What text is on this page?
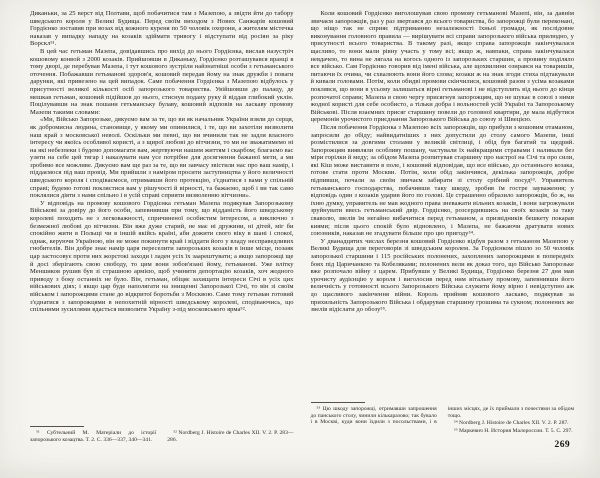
Диканьки, за 25 верст від Полтави, щоб побачитися там з Мазепою, а звідти йти до табору шведського короля у Великі Будища. Перед своїм виходом з Нових Санжарів кошовий Гордієнко зоставив при возах від кожного куреня по 50 чоловік охорони, а жителям містечка наказав у випадку нападу на козаків здіймати тривогу і відступати від росіян за ріку Ворскл⁵¹.

В цей час гетьман Мазепа, довідавшись про вихід до нього Гордієнка, вислав назустріч кошовому конвой з 2000 козаків. Прийшовши в Диканьку, Гордієнко розташувався вранці в тому дворі, де перебував Мазепа, і тут кошового зустріли найзнатніші особи з гетьманського оточення. Побажавши гетьманові здоров'я, кошовий передав йому на знак дружби і поваги дарунки, які привезено на цей випадок. Саме побачення Гордієнка з Мазепою відбулось у присутності великої кількості осіб запорозького товариства. Увійшовши до палацу, де мешкав гетьман, кошовий підійшов до нього, стиснув подану руку й віддав глибокий уклін. Поцілувавши на знак пошани гетьманську булаву, кошовий відповів на ласкаву промову Мазепи такими словами:

«Ми, Військо Запорозьке, дякуємо вам за те, що ви як начальник України взяли до серця, як добромисна людина, становище, у якому ми опинилися, і те, що ви захотіли визволити наш край з московської неволі. Оскільки ми певні, що ви вчинили так не задля власного інтересу чи якоїсь особливої користі, а з щирої любові до вітчизни, то ми не зважатимемо ні на які небезпеки і будемо допомагати вам, жертвуючи нашим життям і скарбом; благаємо вас узяти на себе цей тягар і наказувати нам усе потрібне для досягнення бажаної мети, а ми зробимо все можливе. Дякуємо вам ще раз за те, що ви завчасу звістили нас про ваш намір, і піддаємося під ваш провід. Ми прийшли з наміром просити заступництва у його величності шведського короля і сподіваємося, отримавши його протекцію, з'єднатися з вами у спільній справі; будемо готові поклястися вам у рішучості й вірності, та бажаємо, щоб і ви так само поклялися діяти з нами спільно і в усій справі сприяти визволенню вітчизни».

У відповідь на промову кошового Гордієнка гетьман Мазепа подякував Запорозькому Військові за довіру до його особи, запевнивши при тому, що відданість його шведському королеві походить не з легковажності, спричиненої особистим інтересом, а виключно з безмежної любові до вітчизни. Він вже дуже старий, не має ні дружини, ні дітей, міг би спокійно жити в Польщі чи в іншій якійсь країні, аби дожити свого віку в шані і спокої, однак, керуючи Україною, він не може покинути край і віддати його у владу несправедливих гнобителів. Він добре знає намір царя переселити запорозьких козаків в інше місце, позаяк цар застосовує проти них жорстокі заходи і ладен усіх їх заарештувати; а якщо запорожці ще й досі зберігають свою свободу, то цим вони зобов'язані йому, гетьманові. Уже влітку Меншиков рушив був зі страшною армією, щоб учинити депортацію козаків, хоч жодного приводу з боку останніх не було. Він, гетьман, обіцяє захищати інтереси Січі в усіх цих військових діях; і якщо цар буде наполягати на знищенні Запорозької Січі, то він зі своїм військом і запорожцями стане до відкритої боротьби з Москвою. Саме тому гетьман готовий з'єднатися з запорожцями в непохитній вірності шведському королеві, сподіваючись, що спільними зусиллями вдасться визволити Україну з-під московського ярма⁵².

⁵¹ Субтельний М. Матеріали до історії запорозького козацтва. Т. 2. С. 336—337, 340—341.

⁵² Nordberg J. Histoire de Charles XII. V. 2. P. 283—286.

Коли кошовий Гордієнко виголошував свою промову гетьманові Мазепі, він, за давнім звичаєм запорожців, раз у раз звертався до всього товариства, бо запорожці були переконані, що ніщо так не сприяє підтриманню незалежності їхньої громади, як послідовне виконування головного правила — вирішувати всі справи запорозького війська прилюдно, у присутності всього товариства. В такому разі, якщо справа запорожців закінчувалася щасливо, то вони мали рівну участь у тому всі; якщо ж, навпаки, справа закінчувалася невдачею, то вина не лягала на когось одного із запорозьких старшин, а провину поділяло все військо. Сам Гордієнко говорив від імені війська, але щохвилини озирався на товаришів, питаючи їх очима, чи схвалюють вони його слова; козаки ж на знак згоди стиха підтакували й кивали головами. Потім, коли обидві промови скінчилися, кошовий разом з усіма козаками поклявся, що вони в усьому залишаться вірні гетьманові і не відступлять від нього до кінця розпочатої справи; Мазепа в свою чергу присягнув запорожцям, що не шукає в союзі з ними жодної користі для себе особисто, а тільки добра і вольностей усій Україні та Запорозькому Військові. Після взаємних присяг старшину повели до головної квартири, де мала відбутися церемонія урочистого приєднання Запорозького Війська до союзу зі Швецією.

Після побачення Гордієнка з Мазепою всіх запорожців, що прибули з кошовим отаманом, запросили до обіду; найвидатніших з них допустили до столу самого Мазепи, інші розмістилися за довгими столами у великій світлиці, і обід був багатий та щедрий. Запорожцям виявляли особливу пошану, частували їх найкращими стравами і наливали без міри горілки й меду; за обідом Мазепа розпитував старшину про настрої на Січі та про сили, які Кіш може виставити в поле, і кошовий відповідав, що все військо, до останнього козака, готове стати проти Москви. Потім, коли обід закінчився, декілька запорожців, добре підпивши, почали за своїм звичаєм забирати зі столу срібний посуд⁵³. Управитель гетьманського господарства, побачивши таку шкоду, зробив їм гостре зауваження; у відповідь один з козаків ударив його по голові. Це страшенно образило запорожців, бо ж, на їхню думку, управитель не мав жодного права зневажати вільних козаків, і вони загрожували зруйнувати ввесь гетьманський двір. Гордієнко, розсердившись на своїх козаків за таку сваволю, звелів їм негайно вибачитися перед гетьманом, а призвідників бешкету покарав киями; після цього спокій було відновлено, і Мазепа, не бажаючи дратувати нових союзників, наказав не згадувати більше про цю пригоду⁵⁴.

У дванадцятих числах березня кошовий Гордієнко відбув разом з гетьманом Мазепою у Великі Будища для переговорів зі шведським королем. За Гордієнком пішло зо 50 чоловік запорозької старшини і 115 російських полонених, захоплених запорожцями в попередніх боях під Царичанкою та Кобеляками; полонених вели як доказ того, що Військо Запорозьке вже розпочало війну з царем. Прибувши у Великі Будища, Гордієнко березня 27 дня мав урочисту аудієнцію у короля і виголосив перед ним вітальну промову, запевнивши його величність у готовності всього Запорозького Війська служити йому вірно і невідступно аж до щасливого закінчення війни. Король прийняв кошового ласкаво, подякував за прихильність Запорозького Війська і обдарував старшину грошима та сукном; полонених же звелів відіслати до обозу⁵⁵.

⁵³ Цю шкоду запорожці, отримавши запрошення до панського столу, чинили кількаразово; так бувало і в Москві, куди вони їздили з посольствами, і в інших місцях, де їх приймали з почестями за обідом тощо.

⁵⁴ Nordberg J. Histoire de Charles XII. V. 2. P. 287.

⁵⁵ Маркевич Н. История Малороссии. Т. 5. С. 297.

269
